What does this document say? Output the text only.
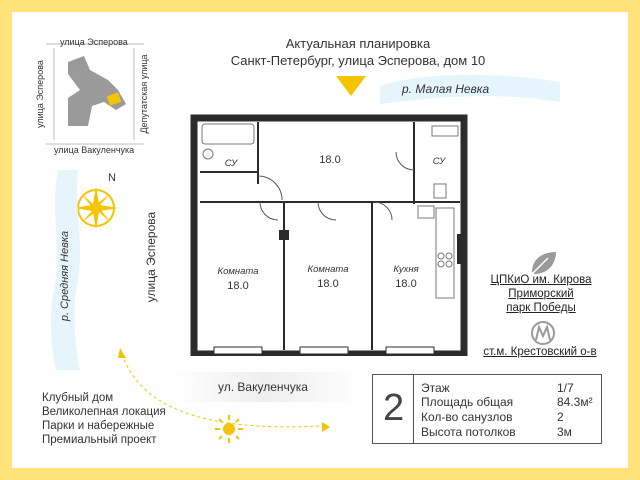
Актуальная планировка
Санкт-Петербург, улица Эсперова, дом 10
улица Эсперова
улица Вакуленчука
улица Эсперова	Депутатская улица
N
р. Средняя Невка	улица Эсперова
р. Малая Невка
18.0
СУ	СУ
Комната
18.0
Комната
18.0
Кухня
18.0
ул. Вакуленчука
Клубный дом
Великолепная локация
Парки и набережные
Премиальный проект
ЦПКиО им. Кирова
Приморский
парк Победы
ст.м. Крестовский о-в
2 Этаж	1/7
Площадь общая	84.3м²
Кол-во санузлов	2
Высота потолков	3м
